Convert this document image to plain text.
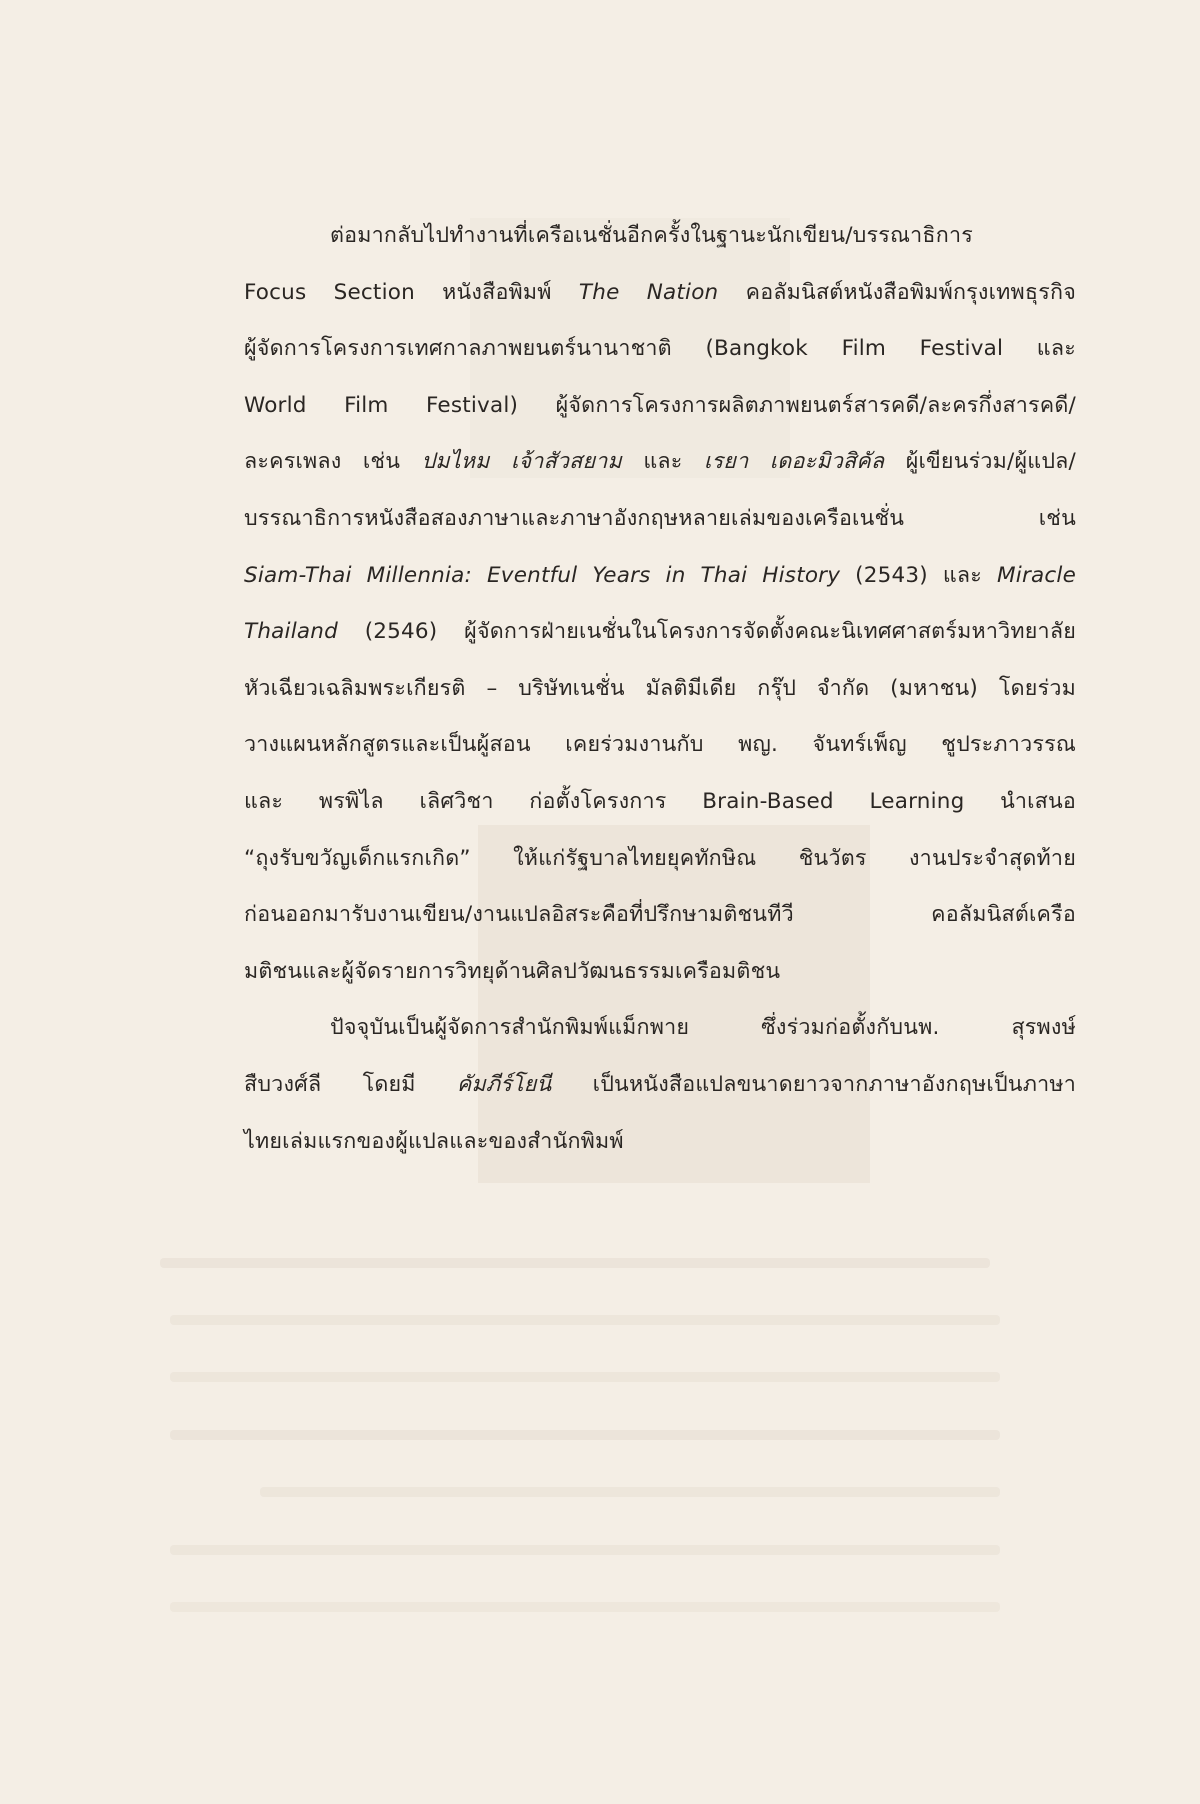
ต่อมากลับไปทำงานที่เครือเนชั่นอีกครั้งในฐานะนักเขียน/บรรณาธิการ
Focus Section หนังสือพิมพ์ The Nation คอลัมนิสต์หนังสือพิมพ์กรุงเทพธุรกิจ
ผู้จัดการโครงการเทศกาลภาพยนตร์นานาชาติ (Bangkok Film Festival และ
World Film Festival) ผู้จัดการโครงการผลิตภาพยนตร์สารคดี/ละครกึ่งสารคดี/
ละครเพลง เช่น ปมไหม เจ้าสัวสยาม และ เรยา เดอะมิวสิคัล ผู้เขียนร่วม/ผู้แปล/
บรรณาธิการหนังสือสองภาษาและภาษาอังกฤษหลายเล่มของเครือเนชั่น เช่น
Siam-Thai Millennia: Eventful Years in Thai History (2543) และ Miracle
Thailand (2546) ผู้จัดการฝ่ายเนชั่นในโครงการจัดตั้งคณะนิเทศศาสตร์มหาวิทยาลัย
หัวเฉียวเฉลิมพระเกียรติ – บริษัทเนชั่น มัลติมีเดีย กรุ๊ป จำกัด (มหาชน) โดยร่วม
วางแผนหลักสูตรและเป็นผู้สอน เคยร่วมงานกับ พญ. จันทร์เพ็ญ ชูประภาวรรณ
และ พรพิไล เลิศวิชา ก่อตั้งโครงการ Brain-Based Learning นำเสนอ
“ถุงรับขวัญเด็กแรกเกิด” ให้แก่รัฐบาลไทยยุคทักษิณ ชินวัตร งานประจำสุดท้าย
ก่อนออกมารับงานเขียน/งานแปลอิสระคือที่ปรึกษามติชนทีวี คอลัมนิสต์เครือ
มติชนและผู้จัดรายการวิทยุด้านศิลปวัฒนธรรมเครือมติชน
ปัจจุบันเป็นผู้จัดการสำนักพิมพ์แม็กพาย ซึ่งร่วมก่อตั้งกับนพ. สุรพงษ์
สืบวงศ์ลี โดยมี คัมภีร์โยนี เป็นหนังสือแปลขนาดยาวจากภาษาอังกฤษเป็นภาษา
ไทยเล่มแรกของผู้แปลและของสำนักพิมพ์
